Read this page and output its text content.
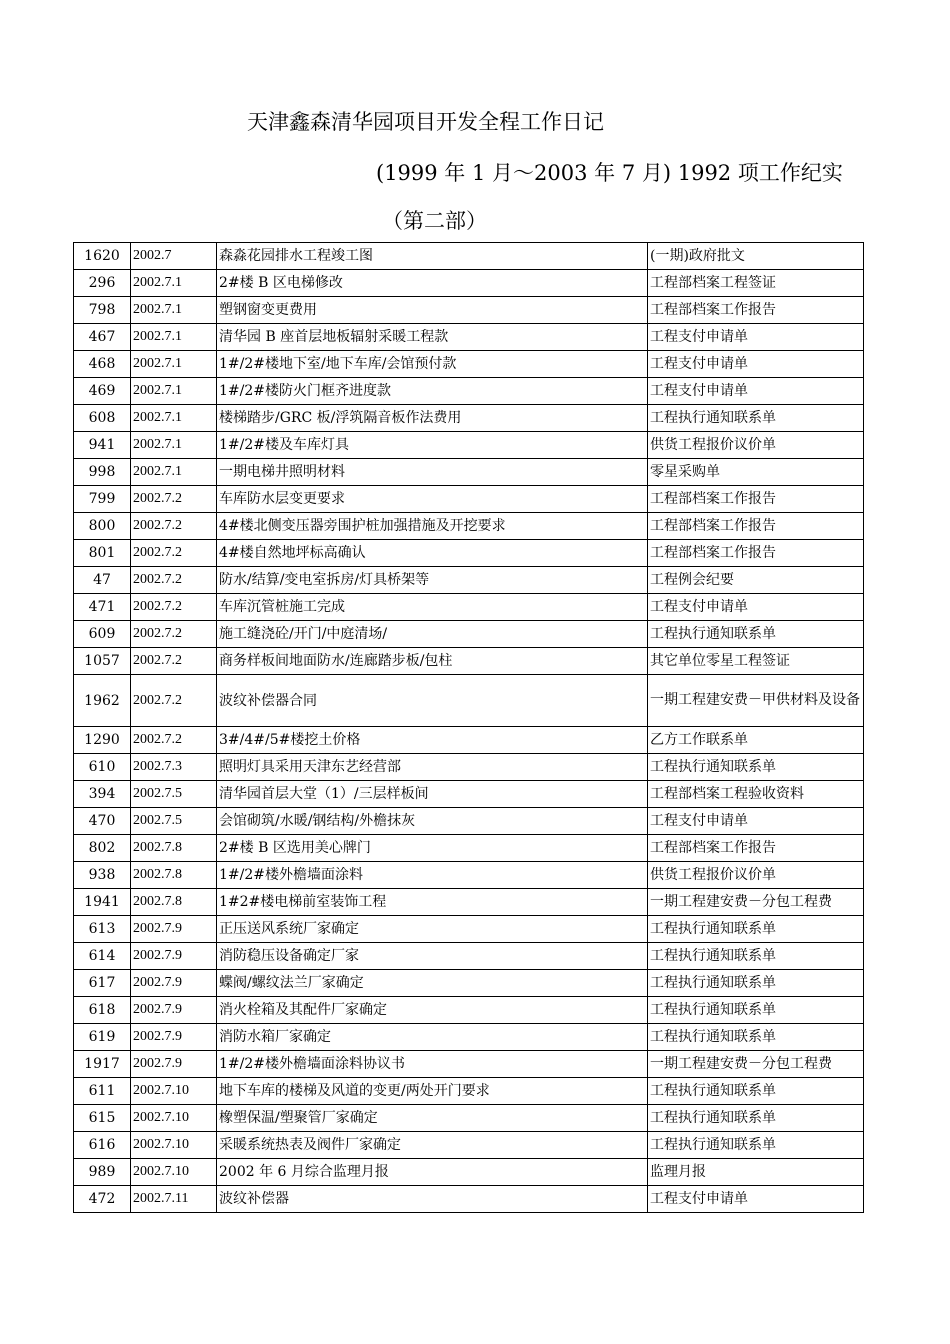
天津鑫森清华园项目开发全程工作日记
(1999 年 1 月～2003 年 7 月) 1992 项工作纪实
（第二部）
1620	2002.7	森淼花园排水工程竣工图	(一期)政府批文
296	2002.7.1	2#楼 B 区电梯修改	工程部档案工程签证
798	2002.7.1	塑钢窗变更费用	工程部档案工作报告
467	2002.7.1	清华园 B 座首层地板辐射采暖工程款	工程支付申请单
468	2002.7.1	1#/2#楼地下室/地下车库/会馆预付款	工程支付申请单
469	2002.7.1	1#/2#楼防火门框齐进度款	工程支付申请单
608	2002.7.1	楼梯踏步/GRC 板/浮筑隔音板作法费用	工程执行通知联系单
941	2002.7.1	1#/2#楼及车库灯具	供货工程报价议价单
998	2002.7.1	一期电梯井照明材料	零星采购单
799	2002.7.2	车库防水层变更要求	工程部档案工作报告
800	2002.7.2	4#楼北侧变压器旁围护桩加强措施及开挖要求	工程部档案工作报告
801	2002.7.2	4#楼自然地坪标高确认	工程部档案工作报告
47	2002.7.2	防水/结算/变电室拆房/灯具桥架等	工程例会纪要
471	2002.7.2	车库沉管桩施工完成	工程支付申请单
609	2002.7.2	施工缝浇砼/开门/中庭清场/	工程执行通知联系单
1057	2002.7.2	商务样板间地面防水/连廊踏步板/包柱	其它单位零星工程签证
1962	2002.7.2	波纹补偿器合同	一期工程建安费－甲供材料及设备
1290	2002.7.2	3#/4#/5#楼挖土价格	乙方工作联系单
610	2002.7.3	照明灯具采用天津东艺经营部	工程执行通知联系单
394	2002.7.5	清华园首层大堂（1）/三层样板间	工程部档案工程验收资料
470	2002.7.5	会馆砌筑/水暖/钢结构/外檐抹灰	工程支付申请单
802	2002.7.8	2#楼 B 区选用美心牌门	工程部档案工作报告
938	2002.7.8	1#/2#楼外檐墙面涂料	供货工程报价议价单
1941	2002.7.8	1#2#楼电梯前室装饰工程	一期工程建安费－分包工程费
613	2002.7.9	正压送风系统厂家确定	工程执行通知联系单
614	2002.7.9	消防稳压设备确定厂家	工程执行通知联系单
617	2002.7.9	蝶阀/螺纹法兰厂家确定	工程执行通知联系单
618	2002.7.9	消火栓箱及其配件厂家确定	工程执行通知联系单
619	2002.7.9	消防水箱厂家确定	工程执行通知联系单
1917	2002.7.9	1#/2#楼外檐墙面涂料协议书	一期工程建安费－分包工程费
611	2002.7.10	地下车库的楼梯及风道的变更/两处开门要求	工程执行通知联系单
615	2002.7.10	橡塑保温/塑聚管厂家确定	工程执行通知联系单
616	2002.7.10	采暖系统热表及阀件厂家确定	工程执行通知联系单
989	2002.7.10	2002 年 6 月综合监理月报	监理月报
472	2002.7.11	波纹补偿器	工程支付申请单
